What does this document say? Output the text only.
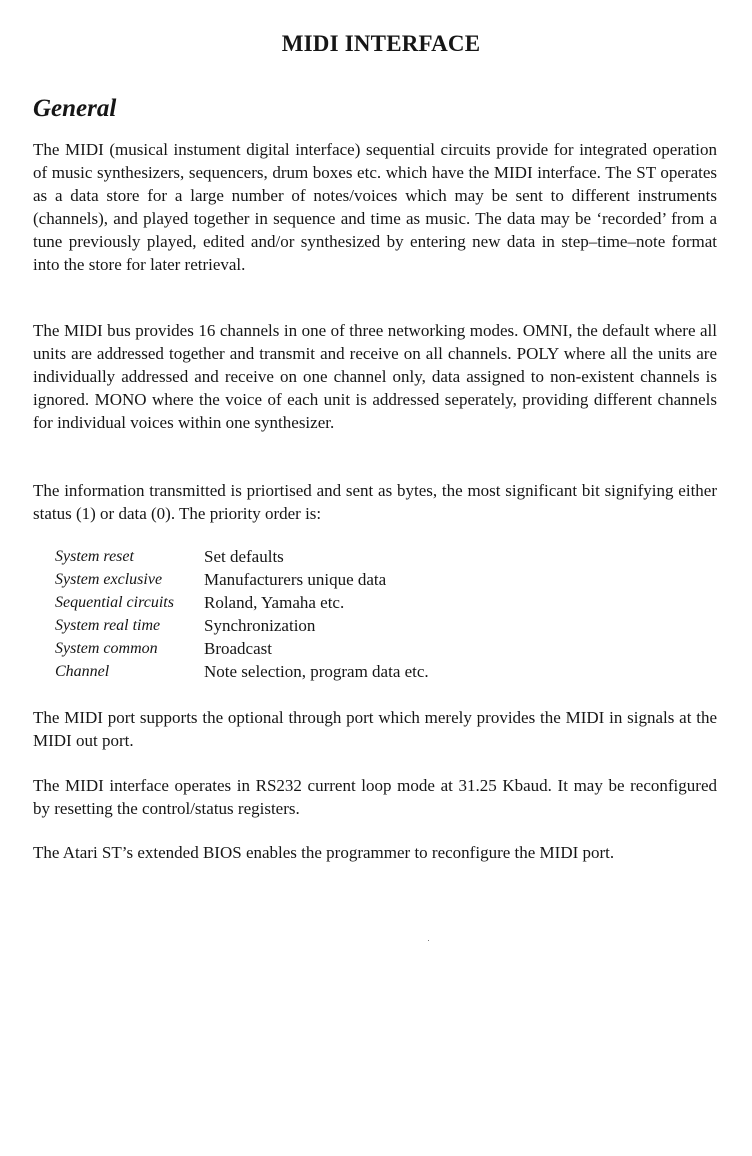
MIDI INTERFACE
General

The MIDI (musical instument digital interface) sequential circuits provide for integrated operation of music synthesizers, sequencers, drum boxes etc. which have the MIDI interface. The ST operates as a data store for a large number of notes/voices which may be sent to different instruments (channels), and played together in sequence and time as music. The data may be ‘recorded’ from a tune previously played, edited and/or synthesized by entering new data in step–time–note format into the store for later retrieval.

The MIDI bus provides 16 channels in one of three networking modes. OMNI, the default where all units are addressed together and transmit and receive on all channels. POLY where all the units are individually addressed and receive on one channel only, data assigned to non-existent channels is ignored. MONO where the voice of each unit is addressed seperately, providing different channels for individual voices within one synthesizer.

The information transmitted is priortised and sent as bytes, the most significant bit signifying either status (1) or data (0). The priority order is:

System reset	Set defaults
System exclusive	Manufacturers unique data
Sequential circuits	Roland, Yamaha etc.
System real time	Synchronization
System common	Broadcast
Channel	Note selection, program data etc.

The MIDI port supports the optional through port which merely provides the MIDI in signals at the MIDI out port.

The MIDI interface operates in RS232 current loop mode at 31.25 Kbaud. It may be reconfigured by resetting the control/status registers.

The Atari ST’s extended BIOS enables the programmer to reconfigure the MIDI port.
